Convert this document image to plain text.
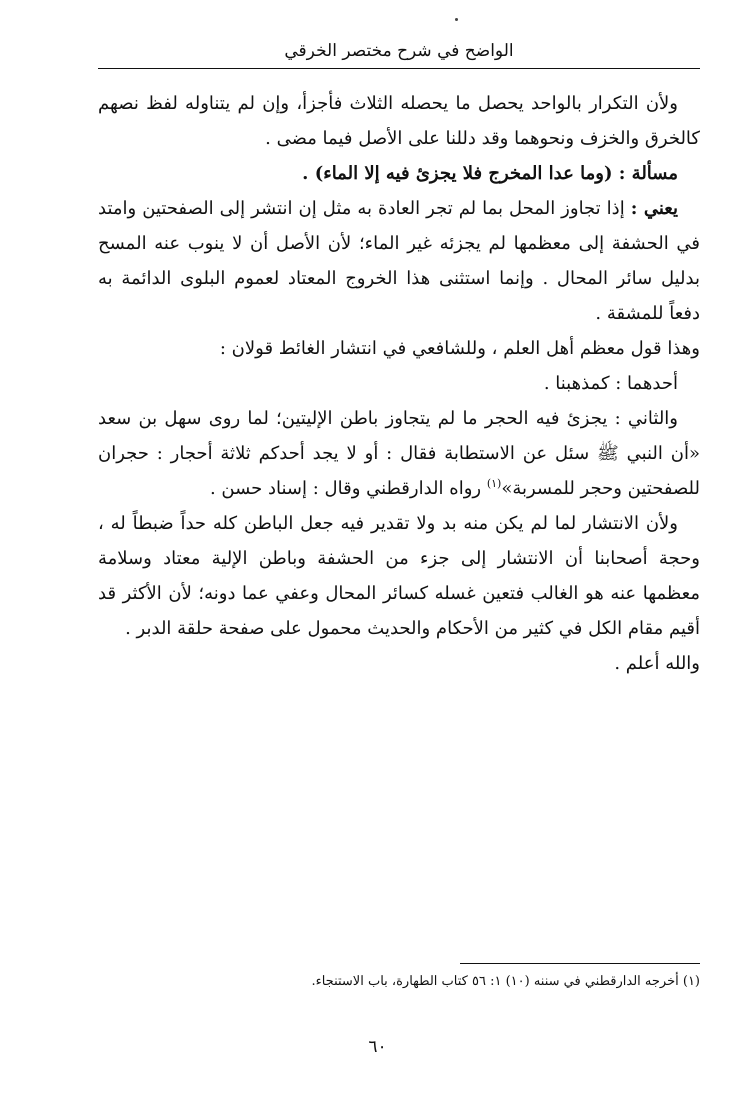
الواضح في شرح مختصر الخرقي

ولأن التكرار بالواحد يحصل ما يحصله الثلاث فأجزأ، وإن لم يتناوله لفظ نصهم كالخرق والخزف ونحوهما وقد دللنا على الأصل فيما مضى .

مسألة : (وما عدا المخرج فلا يجزئ فيه إلا الماء) .

يعني : إذا تجاوز المحل بما لم تجر العادة به مثل إن انتشر إلى الصفحتين وامتد في الحشفة إلى معظمها لم يجزئه غير الماء؛ لأن الأصل أن لا ينوب عنه المسح بدليل سائر المحال . وإنما استثنى هذا الخروج المعتاد لعموم البلوى الدائمة به دفعاً للمشقة .

وهذا قول معظم أهل العلم ، وللشافعي في انتشار الغائط قولان :

أحدهما : كمذهبنا .

والثاني : يجزئ فيه الحجر ما لم يتجاوز باطن الإليتين؛ لما روى سهل بن سعد «أن النبي ﷺ سئل عن الاستطابة فقال : أو لا يجد أحدكم ثلاثة أحجار : حجران للصفحتين وحجر للمسربة»$^{(١)}$ رواه الدارقطني وقال : إسناد حسن .

ولأن الانتشار لما لم يكن منه بد ولا تقدير فيه جعل الباطن كله حداً ضبطاً له ، وحجة أصحابنا أن الانتشار إلى جزء من الحشفة وباطن الإلية معتاد وسلامة معظمها عنه هو الغالب فتعين غسله كسائر المحال وعفي عما دونه؛ لأن الأكثر قد أقيم مقام الكل في كثير من الأحكام والحديث محمول على صفحة حلقة الدبر .

والله أعلم .

(١) أخرجه الدارقطني في سننه (١٠) ١: ٥٦ كتاب الطهارة، باب الاستنجاء.
٦٠
